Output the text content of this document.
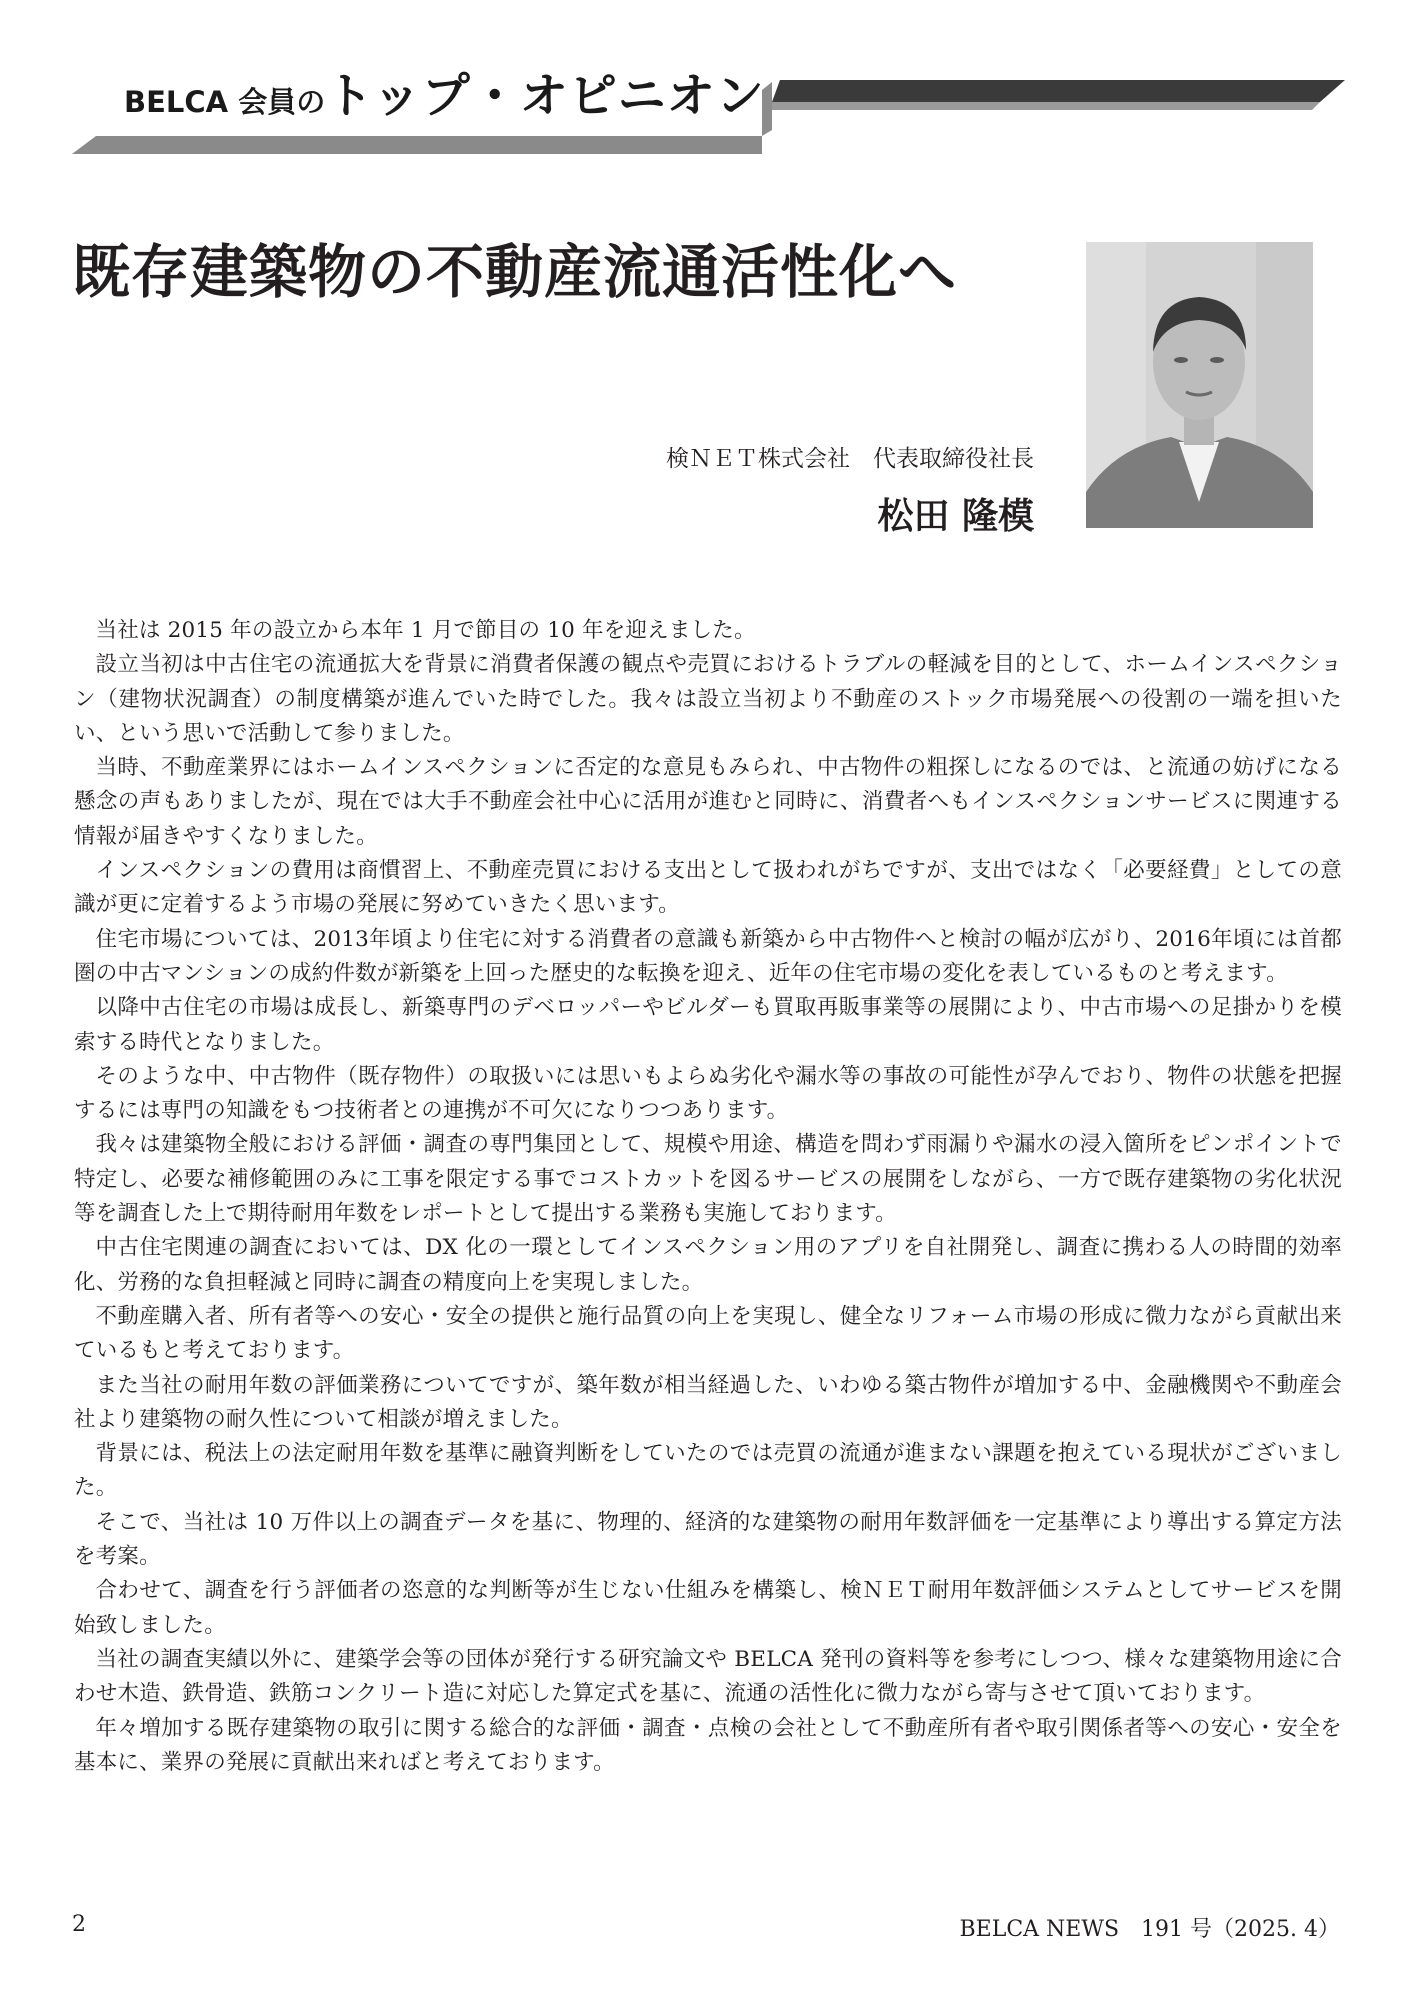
BELCA 会員のトップ・オピニオン
既存建築物の不動産流通活性化へ
検ＮＥＴ株式会社　代表取締役社長
松田 隆模

当社は 2015 年の設立から本年 1 月で節目の 10 年を迎えました。

設立当初は中古住宅の流通拡大を背景に消費者保護の観点や売買におけるトラブルの軽減を目的として、ホームインスペクション（建物状況調査）の制度構築が進んでいた時でした。我々は設立当初より不動産のストック市場発展への役割の一端を担いたい、という思いで活動して参りました。

当時、不動産業界にはホームインスペクションに否定的な意見もみられ、中古物件の粗探しになるのでは、と流通の妨げになる懸念の声もありましたが、現在では大手不動産会社中心に活用が進むと同時に、消費者へもインスペクションサービスに関連する情報が届きやすくなりました。

インスペクションの費用は商慣習上、不動産売買における支出として扱われがちですが、支出ではなく「必要経費」としての意識が更に定着するよう市場の発展に努めていきたく思います。

住宅市場については、2013年頃より住宅に対する消費者の意識も新築から中古物件へと検討の幅が広がり、2016年頃には首都圏の中古マンションの成約件数が新築を上回った歴史的な転換を迎え、近年の住宅市場の変化を表しているものと考えます。

以降中古住宅の市場は成長し、新築専門のデベロッパーやビルダーも買取再販事業等の展開により、中古市場への足掛かりを模索する時代となりました。

そのような中、中古物件（既存物件）の取扱いには思いもよらぬ劣化や漏水等の事故の可能性が孕んでおり、物件の状態を把握するには専門の知識をもつ技術者との連携が不可欠になりつつあります。

我々は建築物全般における評価・調査の専門集団として、規模や用途、構造を問わず雨漏りや漏水の浸入箇所をピンポイントで特定し、必要な補修範囲のみに工事を限定する事でコストカットを図るサービスの展開をしながら、一方で既存建築物の劣化状況等を調査した上で期待耐用年数をレポートとして提出する業務も実施しております。

中古住宅関連の調査においては、DX 化の一環としてインスペクション用のアプリを自社開発し、調査に携わる人の時間的効率化、労務的な負担軽減と同時に調査の精度向上を実現しました。

不動産購入者、所有者等への安心・安全の提供と施行品質の向上を実現し、健全なリフォーム市場の形成に微力ながら貢献出来ているもと考えております。

また当社の耐用年数の評価業務についてですが、築年数が相当経過した、いわゆる築古物件が増加する中、金融機関や不動産会社より建築物の耐久性について相談が増えました。

背景には、税法上の法定耐用年数を基準に融資判断をしていたのでは売買の流通が進まない課題を抱えている現状がございました。

そこで、当社は 10 万件以上の調査データを基に、物理的、経済的な建築物の耐用年数評価を一定基準により導出する算定方法を考案。

合わせて、調査を行う評価者の恣意的な判断等が生じない仕組みを構築し、検ＮＥＴ耐用年数評価システムとしてサービスを開始致しました。

当社の調査実績以外に、建築学会等の団体が発行する研究論文や BELCA 発刊の資料等を参考にしつつ、様々な建築物用途に合わせ木造、鉄骨造、鉄筋コンクリート造に対応した算定式を基に、流通の活性化に微力ながら寄与させて頂いております。

年々増加する既存建築物の取引に関する総合的な評価・調査・点検の会社として不動産所有者や取引関係者等への安心・安全を基本に、業界の発展に貢献出来ればと考えております。

2	BELCA NEWS　191 号（2025. 4）
